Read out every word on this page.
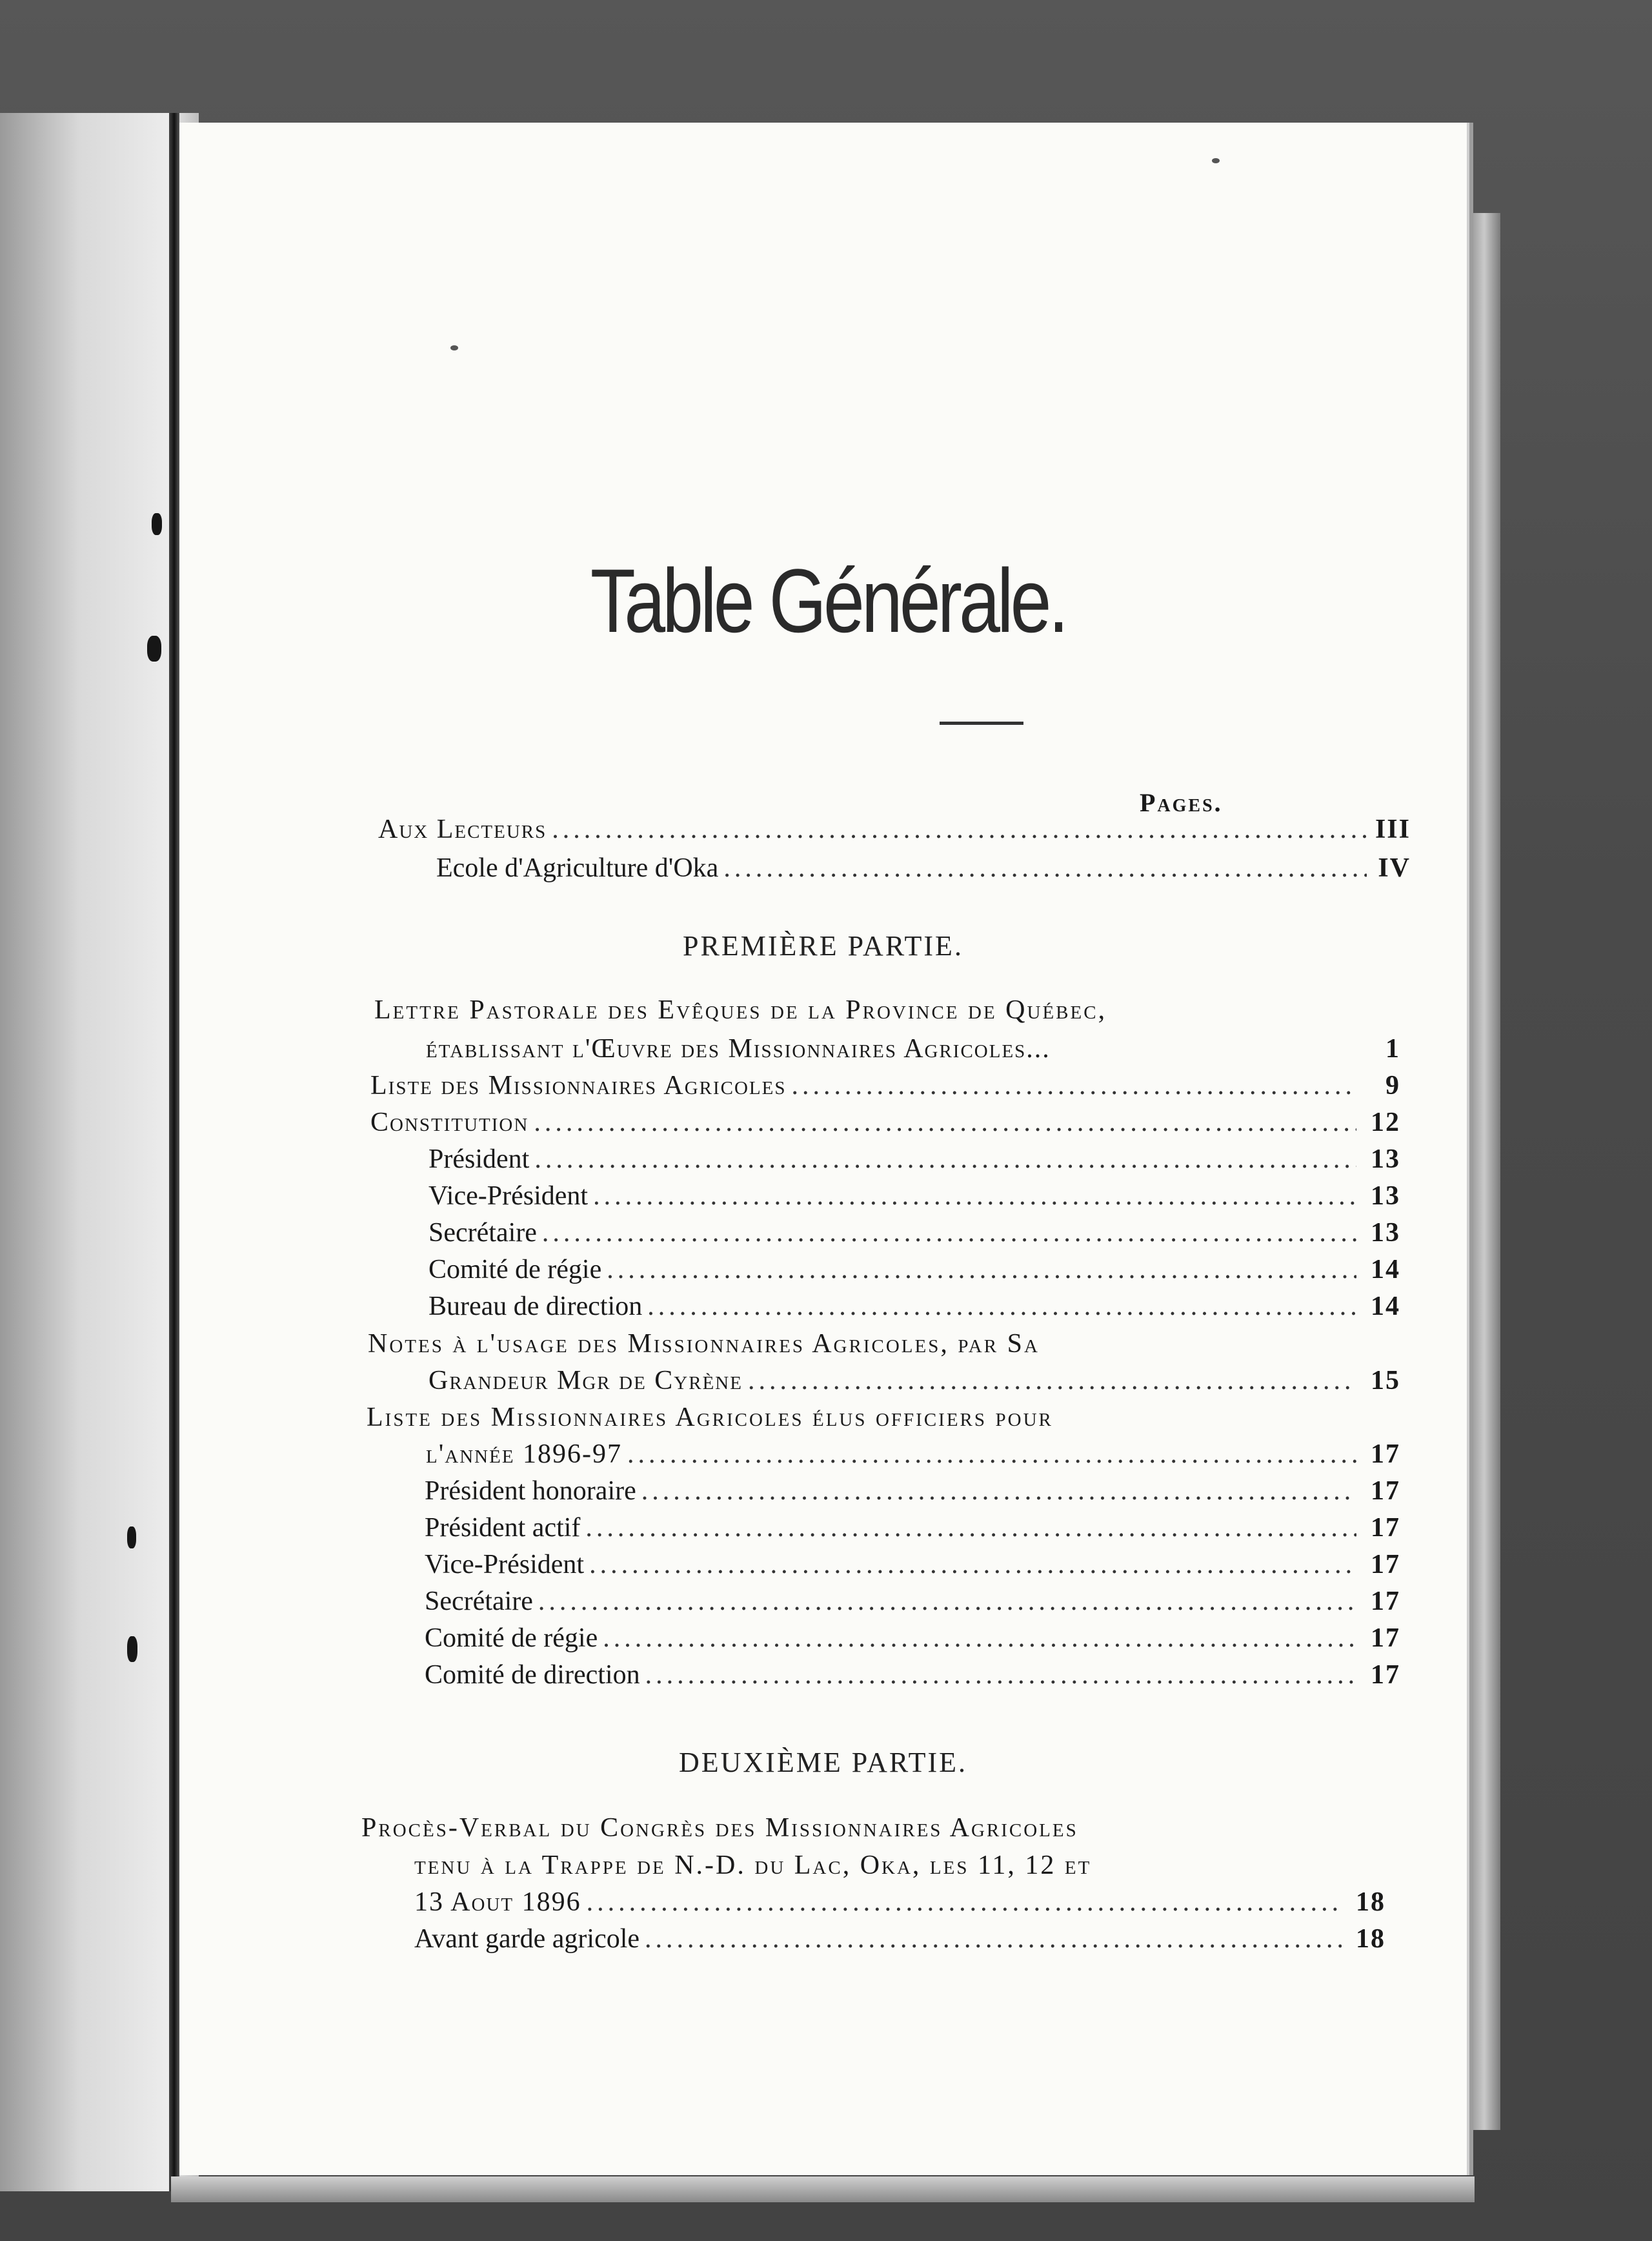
Table Générale.
Pages.
Aux Lecteurs .....	III
Ecole d'Agriculture d'Oka .....	IV
PREMIÈRE PARTIE.
Lettre Pastorale des Evêques de la Province de Québec,
établissant l'Œuvre des Missionnaires Agricoles...	1
Liste des Missionnaires Agricoles .....	9
Constitution .....	12
Président .....	13
Vice-Président .....	13
Secrétaire .....	13
Comité de régie .....	14
Bureau de direction .....	14
Notes à l'usage des Missionnaires Agricoles, par Sa
Grandeur Mgr de Cyrène .....	15
Liste des Missionnaires Agricoles élus officiers pour
l'année 1896-97 .....	17
Président honoraire .....	17
Président actif .....	17
Vice-Président .....	17
Secrétaire .....	17
Comité de régie .....	17
Comité de direction .....	17
DEUXIÈME PARTIE.
Procès-Verbal du Congrès des Missionnaires Agricoles
tenu à la Trappe de N.-D. du Lac, Oka, les 11, 12 et
13 Aout 1896 .....	18
Avant garde agricole .....	18
